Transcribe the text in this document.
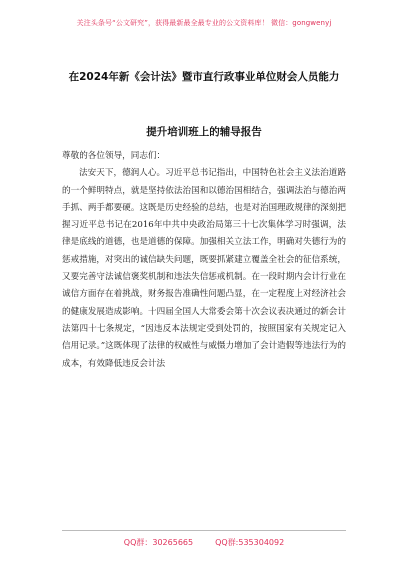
关注头条号“公文研究”，获得最新最全最专业的公文资料库！ 微信：gongwenyj
在2024年新《会计法》暨市直行政事业单位财会人员能力
提升培训班上的辅导报告

尊敬的各位领导，同志们：

法安天下，德润人心。习近平总书记指出，中国特色社会主义法治道路的一个鲜明特点，就是坚持依法治国和以德治国相结合，强调法治与德治两手抓、两手都要硬。这既是历史经验的总结，也是对治国理政规律的深刻把握习近平总书记在2016年中共中央政治局第三十七次集体学习时强调，法律是底线的道德，也是道德的保障。加强相关立法工作，明确对失德行为的惩戒措施，对突出的诚信缺失问题，既要抓紧建立覆盖全社会的征信系统，又要完善守法诚信褒奖机制和违法失信惩戒机制。在一段时期内会计行业在诚信方面存在着挑战，财务报告准确性问题凸显，在一定程度上对经济社会的健康发展造成影响。十四届全国人大常委会第十次会议表决通过的新会计法第四十七条规定，“因违反本法规定受到处罚的，按照国家有关规定记入信用记录。”这既体现了法律的权威性与威慑力增加了会计造假等违法行为的成本，有效降低违反会计法

QQ群：30265665	QQ群:535304092
